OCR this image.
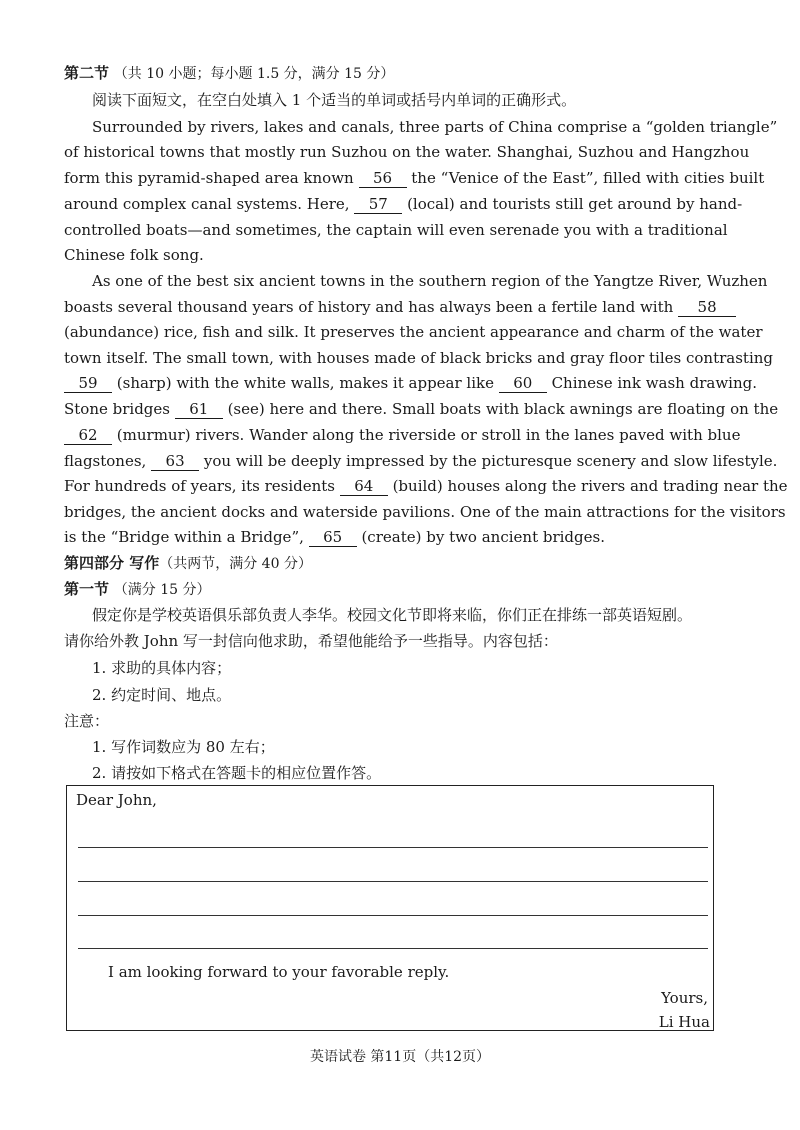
第二节 （共 10 小题；每小题 1.5 分，满分 15 分）
阅读下面短文，在空白处填入 1 个适当的单词或括号内单词的正确形式。
Surrounded by rivers, lakes and canals, three parts of China comprise a “golden triangle”
of historical towns that mostly run Suzhou on the water. Shanghai, Suzhou and Hangzhou
form this pyramid-shaped area known 56 the “Venice of the East”, filled with cities built
around complex canal systems. Here, 57 (local) and tourists still get around by hand-
controlled boats—and sometimes, the captain will even serenade you with a traditional
Chinese folk song.
As one of the best six ancient towns in the southern region of the Yangtze River, Wuzhen
boasts several thousand years of history and has always been a fertile land with 58
(abundance) rice, fish and silk. It preserves the ancient appearance and charm of the water
town itself. The small town, with houses made of black bricks and gray floor tiles contrasting
59 (sharp) with the white walls, makes it appear like 60 Chinese ink wash drawing.
Stone bridges 61 (see) here and there. Small boats with black awnings are floating on the
62 (murmur) rivers. Wander along the riverside or stroll in the lanes paved with blue
flagstones, 63 you will be deeply impressed by the picturesque scenery and slow lifestyle.
For hundreds of years, its residents 64 (build) houses along the rivers and trading near the
bridges, the ancient docks and waterside pavilions. One of the main attractions for the visitors
is the “Bridge within a Bridge”, 65 (create) by two ancient bridges.
第四部分 写作（共两节，满分 40 分）
第一节 （满分 15 分）
假定你是学校英语俱乐部负责人李华。校园文化节即将来临，你们正在排练一部英语短剧。
请你给外教 John 写一封信向他求助，希望他能给予一些指导。内容包括：
1. 求助的具体内容；
2. 约定时间、地点。
注意：
1. 写作词数应为 80 左右；
2. 请按如下格式在答题卡的相应位置作答。
Dear John,
I am looking forward to your favorable reply.
Yours,
Li Hua
英语试卷 第11页（共12页）
